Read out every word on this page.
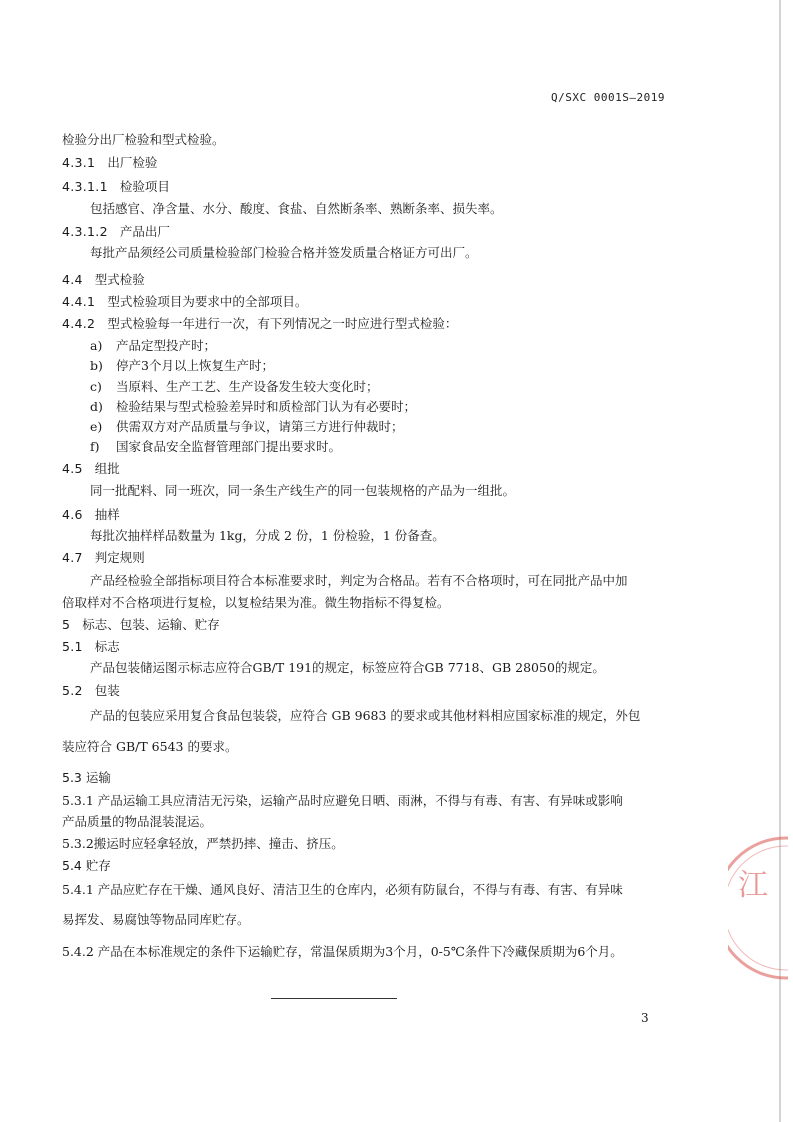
Q/SXC 0001S—2019
检验分出厂检验和型式检验。
4.3.1 出厂检验
4.3.1.1 检验项目
包括感官、净含量、水分、酸度、食盐、自然断条率、熟断条率、损失率。
4.3.1.2 产品出厂
每批产品须经公司质量检验部门检验合格并签发质量合格证方可出厂。
4.4 型式检验
4.4.1 型式检验项目为要求中的全部项目。
4.4.2 型式检验每一年进行一次，有下列情况之一时应进行型式检验：
a) 产品定型投产时；
b) 停产3个月以上恢复生产时；
c) 当原料、生产工艺、生产设备发生较大变化时；
d) 检验结果与型式检验差异时和质检部门认为有必要时；
e) 供需双方对产品质量与争议，请第三方进行仲裁时；
f) 国家食品安全监督管理部门提出要求时。
4.5 组批
同一批配料、同一班次，同一条生产线生产的同一包装规格的产品为一组批。
4.6 抽样
每批次抽样样品数量为 1kg，分成 2 份，1 份检验，1 份备查。
4.7 判定规则
产品经检验全部指标项目符合本标准要求时，判定为合格品。若有不合格项时，可在同批产品中加
倍取样对不合格项进行复检，以复检结果为准。微生物指标不得复检。
5 标志、包装、运输、贮存
5.1 标志
产品包装储运图示标志应符合GB/T 191的规定，标签应符合GB 7718、GB 28050的规定。
5.2 包装
产品的包装应采用复合食品包装袋，应符合 GB 9683 的要求或其他材料相应国家标准的规定，外包
装应符合 GB/T 6543 的要求。
5.3 运输
5.3.1 产品运输工具应清洁无污染，运输产品时应避免日晒、雨淋，不得与有毒、有害、有异味或影响
产品质量的物品混装混运。
5.3.2搬运时应轻拿轻放，严禁扔摔、撞击、挤压。
5.4 贮存
5.4.1 产品应贮存在干燥、通风良好、清洁卫生的仓库内，必须有防鼠台，不得与有毒、有害、有异味
易挥发、易腐蚀等物品同库贮存。
5.4.2 产品在本标准规定的条件下运输贮存，常温保质期为3个月，0-5℃条件下冷藏保质期为6个月。
3
江
